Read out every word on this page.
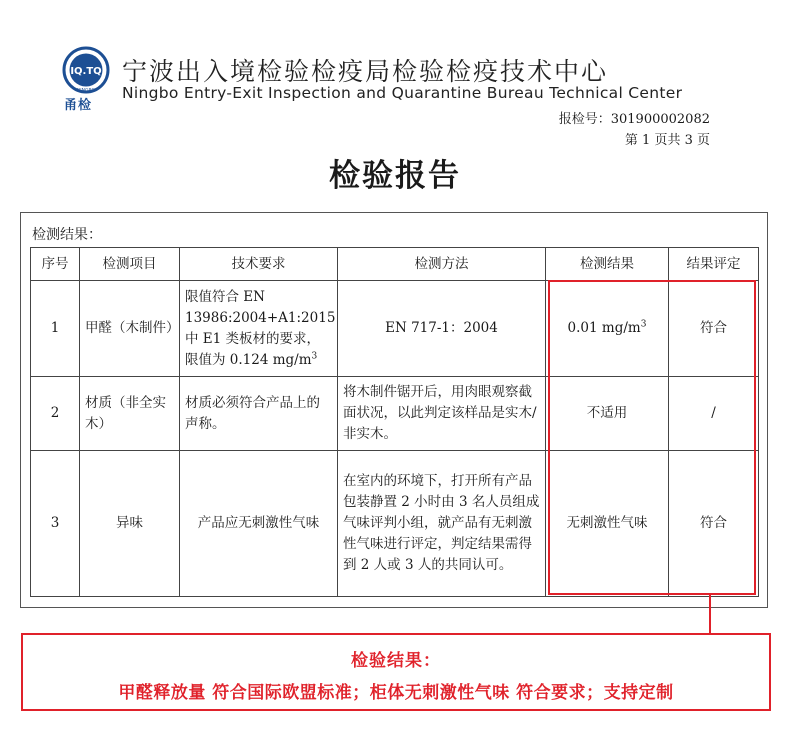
IQ.TQ
NINGBO
甬检
宁波出入境检验检疫局检验检疫技术中心
Ningbo Entry-Exit Inspection and Quarantine Bureau Technical Center
报检号：301900002082
第 1 页共 3 页
检验报告
检测结果：
序号	检测项目	技术要求	检测方法	检测结果	结果评定
1	甲醛（木制件）	限值符合 EN 13986:2004+A1:2015 中 E1 类板材的要求，限值为 0.124 $mg/m^3$	EN 717-1：2004	0.01 $mg/m^3$	符合
2	材质（非全实木）	材质必须符合产品上的声称。	将木制件锯开后，用肉眼观察截面状况，以此判定该样品是实木/非实木。	不适用	/
3	异味	产品应无刺激性气味	在室内的环境下，打开所有产品包装静置 2 小时由 3 名人员组成气味评判小组，就产品有无刺激性气味进行评定，判定结果需得到 2 人或 3 人的共同认可。	无刺激性气味	符合
检验结果：
甲醛释放量 符合国际欧盟标准；柜体无刺激性气味 符合要求；支持定制
